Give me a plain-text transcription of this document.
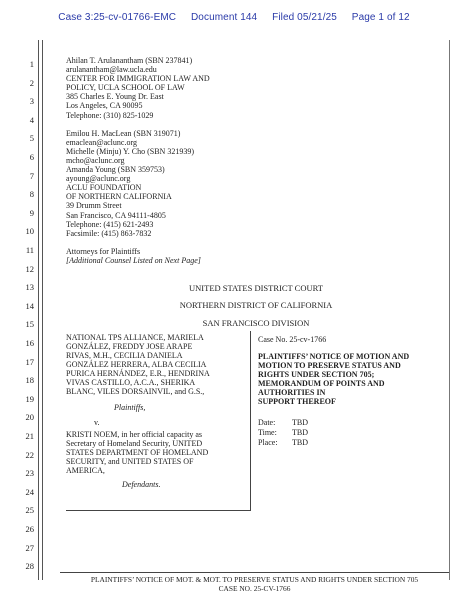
Case 3:25-cv-01766-EMC Document 144 Filed 05/21/25 Page 1 of 12
1
2
3
4
5
6
7
8
9
10
11
12
13
14
15
16
17
18
19
20
21
22
23
24
25
26
27
28
Ahilan T. Arulanantham (SBN 237841)
arulanantham@law.ucla.edu
CENTER FOR IMMIGRATION LAW AND
POLICY, UCLA SCHOOL OF LAW
385 Charles E. Young Dr. East
Los Angeles, CA 90095
Telephone: (310) 825-1029
Emilou H. MacLean (SBN 319071)
emaclean@aclunc.org
Michelle (Minju) Y. Cho (SBN 321939)
mcho@aclunc.org
Amanda Young (SBN 359753)
ayoung@aclunc.org
ACLU FOUNDATION
OF NORTHERN CALIFORNIA
39 Drumm Street
San Francisco, CA 94111-4805
Telephone: (415) 621-2493
Facsimile: (415) 863-7832
Attorneys for Plaintiffs
[Additional Counsel Listed on Next Page]
UNITED STATES DISTRICT COURT
NORTHERN DISTRICT OF CALIFORNIA
SAN FRANCISCO DIVISION
NATIONAL TPS ALLIANCE, MARIELA
GONZÁLEZ, FREDDY JOSE ARAPE
RIVAS, M.H., CECILIA DANIELA
GONZÁLEZ HERRERA, ALBA CECILIA
PURICA HERNÁNDEZ, E.R., HENDRINA
VIVAS CASTILLO, A.C.A., SHERIKA
BLANC, VILES DORSAINVIL, and G.S.,
Plaintiffs,
v.
KRISTI NOEM, in her official capacity as
Secretary of Homeland Security, UNITED
STATES DEPARTMENT OF HOMELAND
SECURITY, and UNITED STATES OF
AMERICA,
Defendants.
Case No. 25-cv-1766
PLAINTIFFS’ NOTICE OF MOTION AND
MOTION TO PRESERVE STATUS AND
RIGHTS UNDER SECTION 705;
MEMORANDUM OF POINTS AND
AUTHORITIES IN
SUPPORT THEREOF
Date:	TBD
Time:	TBD
Place:	TBD
PLAINTIFFS’ NOTICE OF MOT. & MOT. TO PRESERVE STATUS AND RIGHTS UNDER SECTION 705
CASE NO. 25-CV-1766
